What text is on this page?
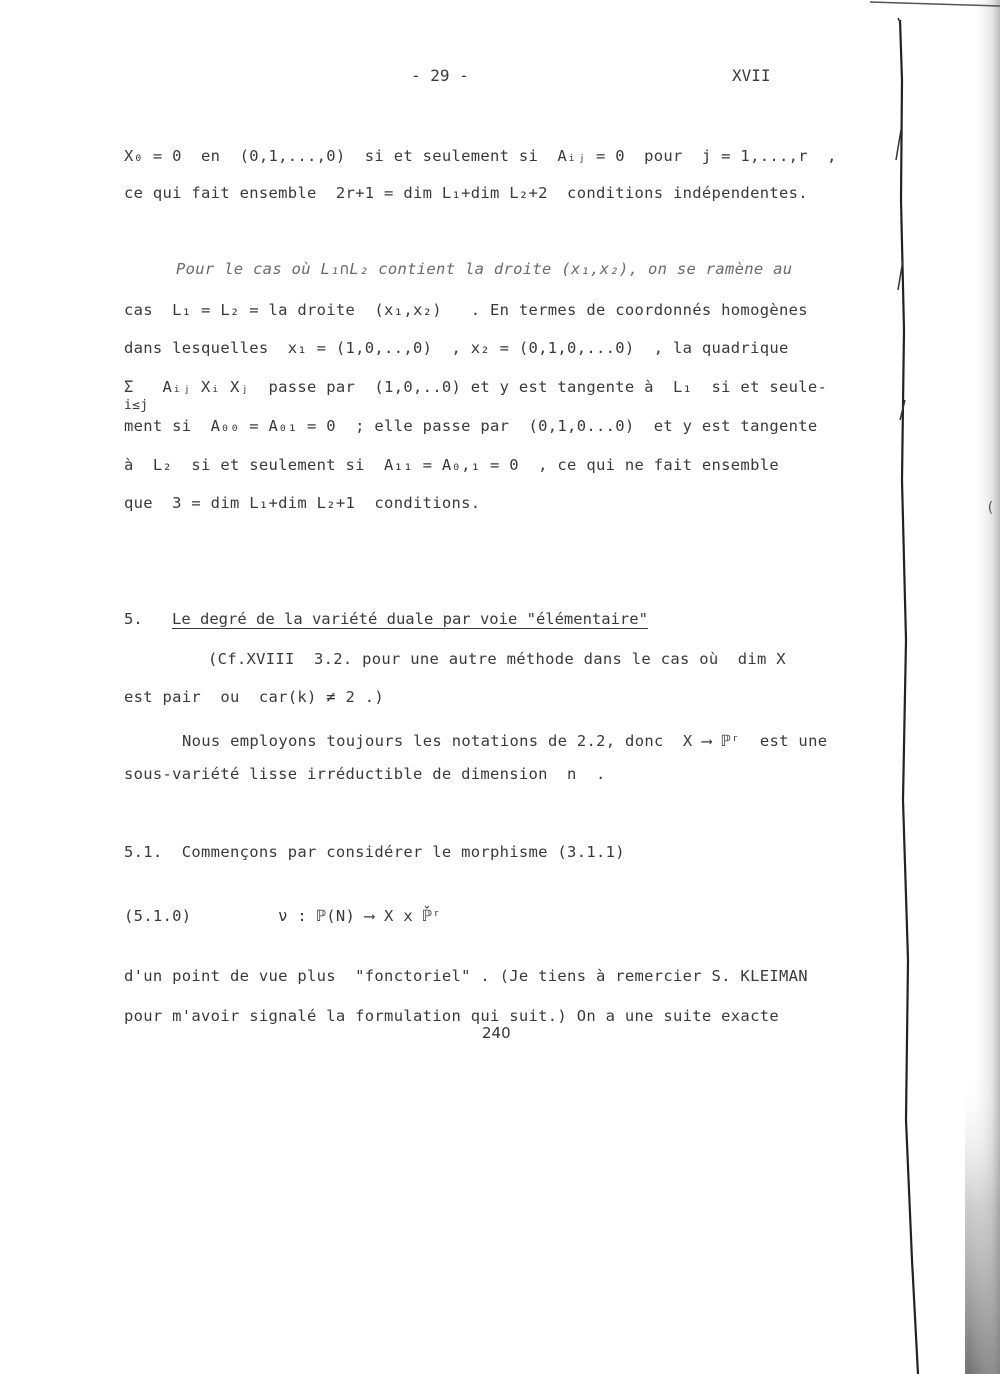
- 29 -	XVII
X₀ = 0  en  (0,1,...,0)  si et seulement si  Aᵢⱼ = 0  pour  j = 1,...,r  ,
ce qui fait ensemble  2r+1 = dim L₁+dim L₂+2  conditions indépendentes.
Pour le cas où L₁∩L₂ contient la droite (x₁,x₂), on se ramène au
cas  L₁ = L₂ = la droite  (x₁,x₂)   . En termes de coordonnés homogènes
dans lesquelles  x₁ = (1,0,..,0)  , x₂ = (0,1,0,...0)  , la quadrique
Σ   Aᵢⱼ Xᵢ Xⱼ  passe par  (1,0,..0) et y est tangente à  L₁  si et seule-
i≤j
ment si  A₀₀ = A₀₁ = 0  ; elle passe par  (0,1,0...0)  et y est tangente
à  L₂  si et seulement si  A₁₁ = A₀,₁ = 0  , ce qui ne fait ensemble
que  3 = dim L₁+dim L₂+1  conditions.
5. Le degré de la variété duale par voie "élémentaire"
(Cf.XVIII  3.2. pour une autre méthode dans le cas où  dim X
est pair  ou  car(k) ≠ 2 .)
Nous employons toujours les notations de 2.2, donc  X ⟶ ℙʳ  est une
sous-variété lisse irréductible de dimension  n  .
5.1.  Commençons par considérer le morphisme (3.1.1)
(5.1.0)         ν : ℙ(N) ⟶ X x ℙ̌ʳ
d'un point de vue plus  "fonctoriel" . (Je tiens à remercier S. KLEIMAN
pour m'avoir signalé la formulation qui suit.) On a une suite exacte
240
(
